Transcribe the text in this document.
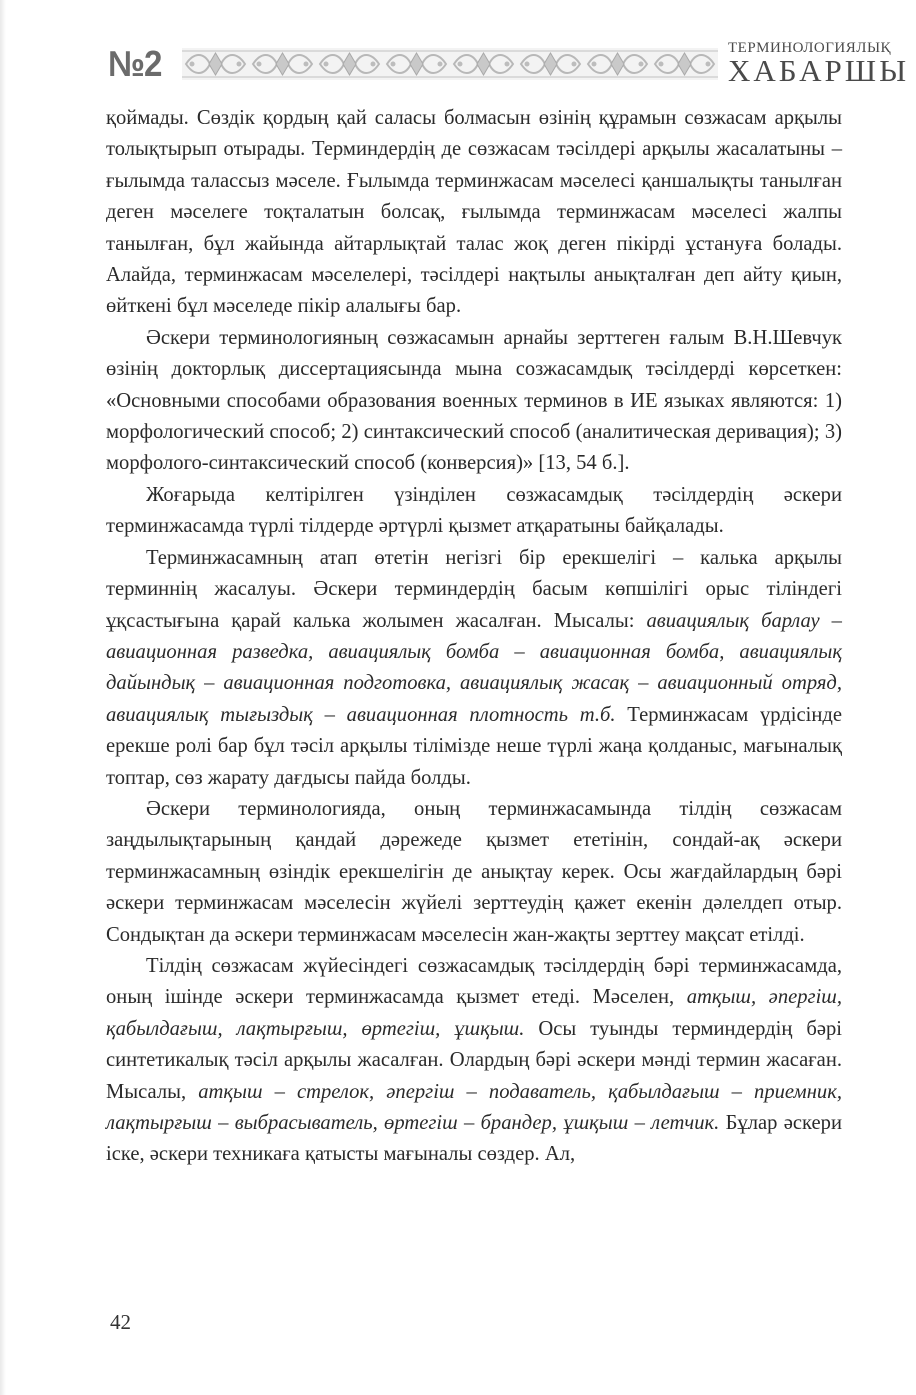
№2	ТЕРМИНОЛОГИЯЛЫҚ
ХАБАРШЫ

қоймады. Сөздік қордың қай саласы болмасын өзінің құрамын сөзжасам арқылы толықтырып отырады. Терминдердің де сөзжасам тәсілдері арқылы жасалатыны – ғылымда талассыз мәселе. Ғылымда терминжасам мәселесі қаншалықты танылған деген мәселеге тоқталатын болсақ, ғылымда терминжасам мәселесі жалпы танылған, бұл жайында айтарлықтай талас жоқ деген пікірді ұстануға болады. Алайда, терминжасам мәселелері, тәсілдері нақтылы анықталған деп айту қиын, өйткені бұл мәселеде пікір алалығы бар.

Әскери терминологияның сөзжасамын арнайы зерттеген ғалым В.Н.Шевчук өзінің докторлық диссертациясында мына созжасамдық тәсілдерді көрсеткен: «Основными способами образования военных терминов в ИЕ языках являются: 1) морфологический способ; 2) синтаксический способ (аналитическая деривация); 3) морфолого-синтаксический способ (конверсия)» [13, 54 б.].

Жоғарыда келтірілген үзінділен сөзжасамдық тәсілдердің әскери терминжасамда түрлі тілдерде әртүрлі қызмет атқаратыны байқалады.

Терминжасамның атап өтетін негізгі бір ерекшелігі – калька арқылы терминнің жасалуы. Әскери терминдердің басым көпшілігі орыс тіліндегі ұқсастығына қарай калька жолымен жасалған. Мысалы: авиациялық барлау – авиационная разведка, авиациялық бомба – авиационная бомба, авиациялық дайындық – авиационная подготовка, авиациялық жасақ – авиационный отряд, авиациялық тығыздық – авиационная плотность т.б. Терминжасам үрдісінде ерекше ролі бар бұл тәсіл арқылы тілімізде неше түрлі жаңа қолданыс, мағыналық топтар, сөз жарату дағдысы пайда болды.

Әскери терминологияда, оның терминжасамында тілдің сөзжасам заңдылықтарының қандай дәрежеде қызмет ететінін, сондай-ақ әскери терминжасамның өзіндік ерекшелігін де анықтау керек. Осы жағдайлардың бәрі әскери терминжасам мәселесін жүйелі зерттеудің қажет екенін дәлелдеп отыр. Сондықтан да әскери терминжасам мәселесін жан-жақты зерттеу мақсат етілді.

Тілдің сөзжасам жүйесіндегі сөзжасамдық тәсілдердің бәрі терминжасамда, оның ішінде әскери терминжасамда қызмет етеді. Мәселен, атқыш, әпергіш, қабылдағыш, лақтырғыш, өртегіш, ұшқыш. Осы туынды терминдердің бәрі синтетикалық тәсіл арқылы жасалған. Олардың бәрі әскери мәнді термин жасаған. Мысалы, атқыш – стрелок, әпергіш – подаватель, қабылдағыш – приемник, лақтырғыш – выбрасыватель, өртегіш – брандер, ұшқыш – летчик. Бұлар әскери іске, әскери техникаға қатысты мағыналы сөздер. Ал,

42
